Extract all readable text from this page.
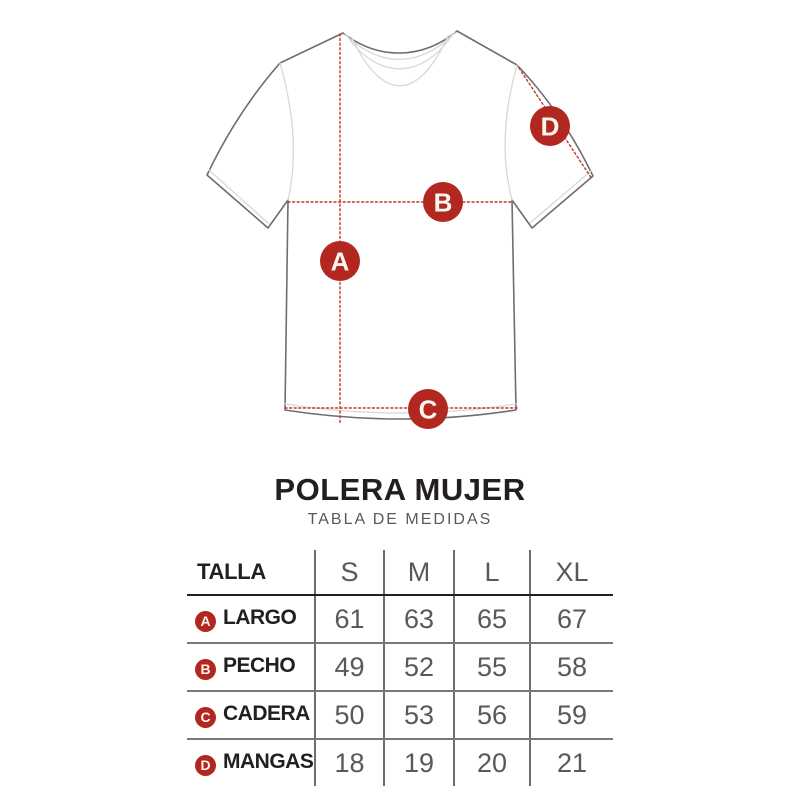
A
B
C
D
POLERA MUJER
TABLA DE MEDIDAS
TALLA	S	M	L	XL
A LARGO	61	63	65	67
B PECHO	49	52	55	58
C CADERA	50	53	56	59
D MANGAS	18	19	20	21
